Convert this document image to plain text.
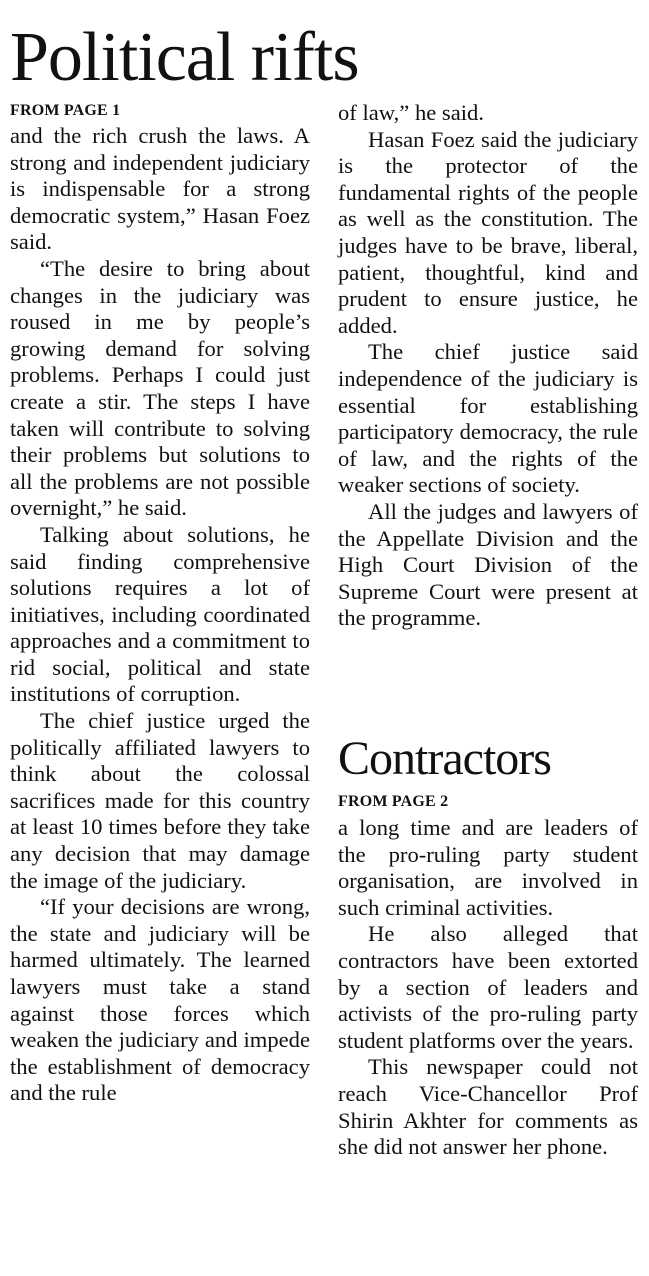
Political rifts
FROM PAGE 1

and the rich crush the laws. A strong and independent judiciary is indispensable for a strong democratic system,” Hasan Foez said.

“The desire to bring about changes in the judiciary was roused in me by people’s growing demand for solving problems. Perhaps I could just create a stir. The steps I have taken will contribute to solving their problems but solutions to all the problems are not possible overnight,” he said.

Talking about solutions, he said finding comprehensive solutions requires a lot of initiatives, including coordinated approaches and a commitment to rid social, political and state institutions of corruption.

The chief justice urged the politically affiliated lawyers to think about the colossal sacrifices made for this country at least 10 times before they take any decision that may damage the image of the judiciary.

“If your decisions are wrong, the state and judiciary will be harmed ultimately. The learned lawyers must take a stand against those forces which weaken the judiciary and impede the establishment of democracy and the rule

of law,” he said.

Hasan Foez said the judiciary is the protector of the fundamental rights of the people as well as the constitution. The judges have to be brave, liberal, patient, thoughtful, kind and prudent to ensure justice, he added.

The chief justice said independence of the judiciary is essential for establishing participatory democracy, the rule of law, and the rights of the weaker sections of society.

All the judges and lawyers of the Appellate Division and the High Court Division of the Supreme Court were present at the programme.

Contractors
FROM PAGE 2

a long time and are leaders of the pro-ruling party student organisation, are involved in such criminal activities.

He also alleged that contractors have been extorted by a section of leaders and activists of the pro-ruling party student platforms over the years.

This newspaper could not reach Vice-Chancellor Prof Shirin Akhter for comments as she did not answer her phone.
